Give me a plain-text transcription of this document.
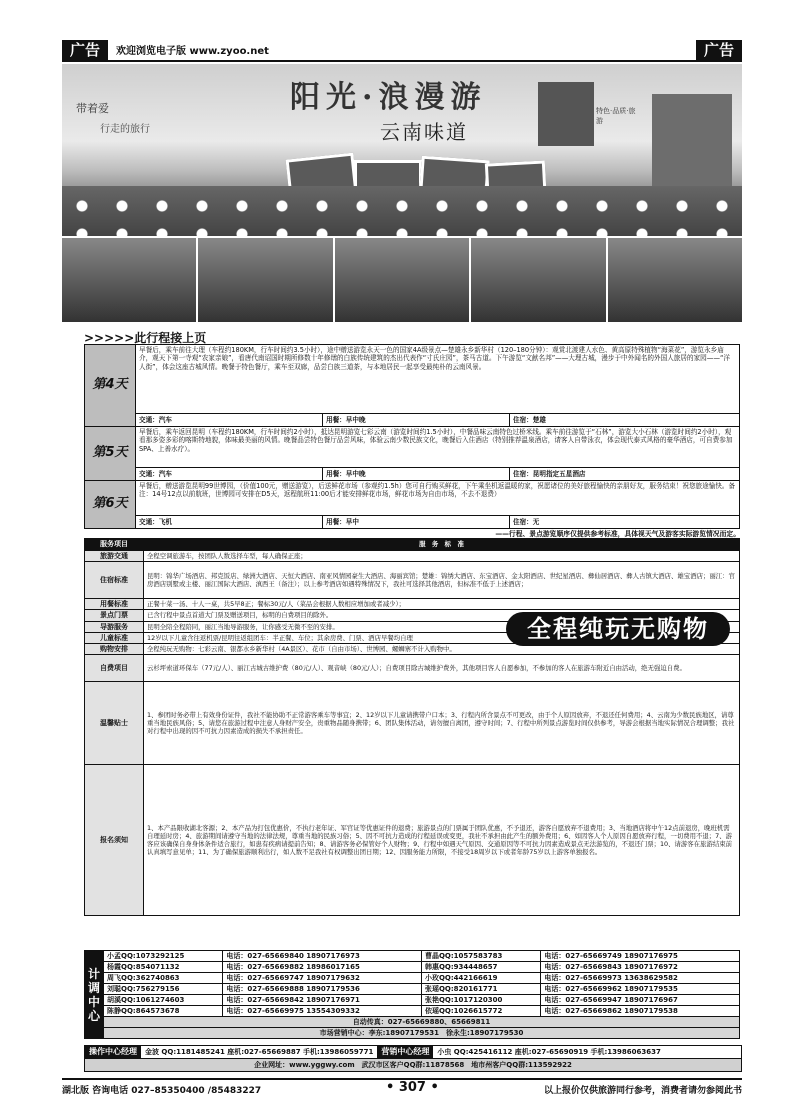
广告	欢迎浏览电子版 www.zyoo.net	广告
带着爱
行走的旅行
阳光·浪漫游
云南味道
特色·品质·旅游
>>>>>此行程接上页
第4天	早餐后，乘车前往大理（车程约180KM，行车时间约3.5小时），途中赠送游览永天一色的国家4A级景点—楚雄永乡新华村（120–180分钟）：观赏北渡建人水色、黄高原特殊植物“海菜花”，游览永乡庙介，观天下第一寺观“农家亲娘”，看唐代南诏国时期所修数十年修缮的白族传统建筑的杰出代表作“寸氏庄园”，茶马古道。下午游览“文献名邦”——大理古城，漫步于中外闻名的外国人旅居的家园——“洋人街”，体会这座古城风情。晚餐于特色餐厅，乘车至双廊，品尝白族三道茶，与本地居民一起享受最纯朴的云南风景。		
	交通：汽车	用餐：早中晚	住宿：楚雄
第5天	早餐后，乘车返回昆明（车程约180KM，行车时间约2小时），抵达昆明游览七彩云南（游览时间约1.5小时），中餐品味云南特色过桥米线。乘车前往游览于“石林”，游览大小石林（游览时间约2小时），观看那多姿多彩的喀斯特地貌，体味最美丽的风情。晚餐品尝特色餐厅品尝风味，体验云南少数民族文化，晚餐后入住酒店（特别推荐温泉酒店，请客人自带泳衣，体会现代泰式风格的豪华酒店，可自费参加SPA、上善水疗）。		
	交通：汽车	用餐：早中晚	住宿：昆明指定五星酒店
第6天	早餐后，赠送游览昆明99世博园，（价值100元，赠送游览），后送鲜花市场（参观约1.5h）您可自行购买鲜花，下午乘坐机返温暖的家，祝愿诸位的美好旅程愉快的亲朋好友，服务结束！祝您旅途愉快。备注：14号12点以前航班，世博园可安排在D5天，返程航班11:00后才能安排鲜花市场，鲜花市场为自由市场，不去不退费）		
	交通：飞机	用餐：早中	住宿：无
——行程、景点游览顺序仅提供参考标准，具体视天气及游客实际游览情况而定。
服务项目	服　务　标　准
旅游交通	全程空调旅游车，按团队人数选择车型，每人确保正座；
住宿标准	昆明：锦华广场酒店、邦克饭店、绿洲大酒店、天恒大酒店、南亚风情园豪生大酒店、海丽宾馆；楚雄：锦绣大酒店、东宝酒店、金太阳酒店、世纪星酒店、彝仙居酒店、彝人古镇大酒店、雄宝酒店；丽江：官房酒店别墅或主楼、丽江国际大酒店、滇西王（备注）；以上参考酒店如遇特殊情况下，我社可选择其他酒店，但标准不低于上述酒店；
用餐标准	正餐十菜一汤、十人一桌，共5早8正；餐标30元/人（菜品会根据人数相应增加或者减少）；
景点门票	已含行程中景点首道大门票及赠送项目，标明的自费项目的除外。
导游服务	昆明全陪全程陪同，丽江当地导游服务，让你感受无微不至的安排。
儿童标准	12岁以下儿童含往返机票/昆明往返组团车：半正餐、车位；其余房费、门票、酒店早餐均自理
购物安排	全程纯玩无购物：七彩云南、银都水乡新华村（4A景区）、花市（自由市场）、世博园、螺蛳寨不计入购物中。
自费项目	云杉坪索道环保车（77元/人）、丽江古城古维护费（80元/人）、观音峡（80元/人）；自费项目除古城维护费外，其他项目客人自愿参加，不参加的客人在旅游车附近自由活动，绝无强迫自费。
温馨贴士	1、参团时务必带上有效身份证件，我社不能协助不正常游客乘车等事宜；2、12岁以下儿童请携带户口本；3、行程内所含景点不可更改，由于个人原因放弃，不退还任何费用；4、云南为少数民族地区，请尊重当地民族风俗；5、请您在旅游过程中注意人身财产安全，贵重物品随身携带；6、团队集体活动，请勿擅自离团，遵守时间；7、行程中所列景点游览时间仅供参考，导游会根据当地实际情况合理调整；我社对行程中出现的因不可抗力因素造成的损失不承担责任。
报名须知	1、本产品限收湖北客源；2、本产品为打包优惠价，不执行老年证、军官证等优惠证件的退费；旅游景点的门票属于团队优惠，不予退还，游客自愿放弃不退费用；3、当地酒店将中午12点前退房，晚班机需自理延时房；4、旅游期间请遵守当地的法律法规，尊重当地的民族习俗；5、因不可抗力造成的行程延误或变更，我社不承担由此产生的额外费用；6、如因客人个人原因自愿放弃行程，一切费用不退；7、游客应该确保自身身体条件适合旅行，如患有疾病请提前告知；8、请游客务必保管好个人财物；9、行程中如遇天气原因、交通原因等不可抗力因素造成景点无法游览的，不退还门票；10、请游客在旅游结束前认真填写意见单；11、为了确保旅游顺利出行，如人数不足我社有权调整出团日期；12、因服务能力所限，不接受18周岁以下或者年龄75岁以上游客单独报名。
全程纯玩无购物
计
调
中
心	小孟QQ:1073292125	电话：027-65669840 18907176973	曹晶QQ:1057583783	电话：027-65669749 18907176975
	杨霞QQ:854071132	电话：027-65669882 18986017165	韩惠QQ:934448657	电话：027-65669843 18907176972
	周飞QQ:362740863	电话：027-65669747 18907179632	小玫QQ:442166619	电话：027-65669973 13638629582
	刘聪QQ:756279156	电话：027-65669888 18907179536	张瑶QQ:820161771	电话：027-65669962 18907179535
	胡溪QQ:1061274603	电话：027-65669842 18907176971	张艳QQ:1017120300	电话：027-65669947 18907176967
	陈静QQ:864573678	电话：027-65669975 13554309332	依瑶QQ:1026615772	电话：027-65669862 18907179538
	自动传真：027-65669880、65669811			
	市场营销中心：李东:18907179531　徐永生:18907179530			
操作中心经理	金波 QQ:1181485241 座机:027-65669887 手机:13986059771	营销中心经理	小虫 QQ:425416112 座机:027-65690919 手机:13986063637
企业网址：www.yggwy.com　武汉市区客户QQ群:11878568　地市州客户QQ群:113592922
湖北版 咨询电话 027–85350400 /85483227	• 307 •	以上报价仅供旅游同行参考，消费者请勿参阅此书
